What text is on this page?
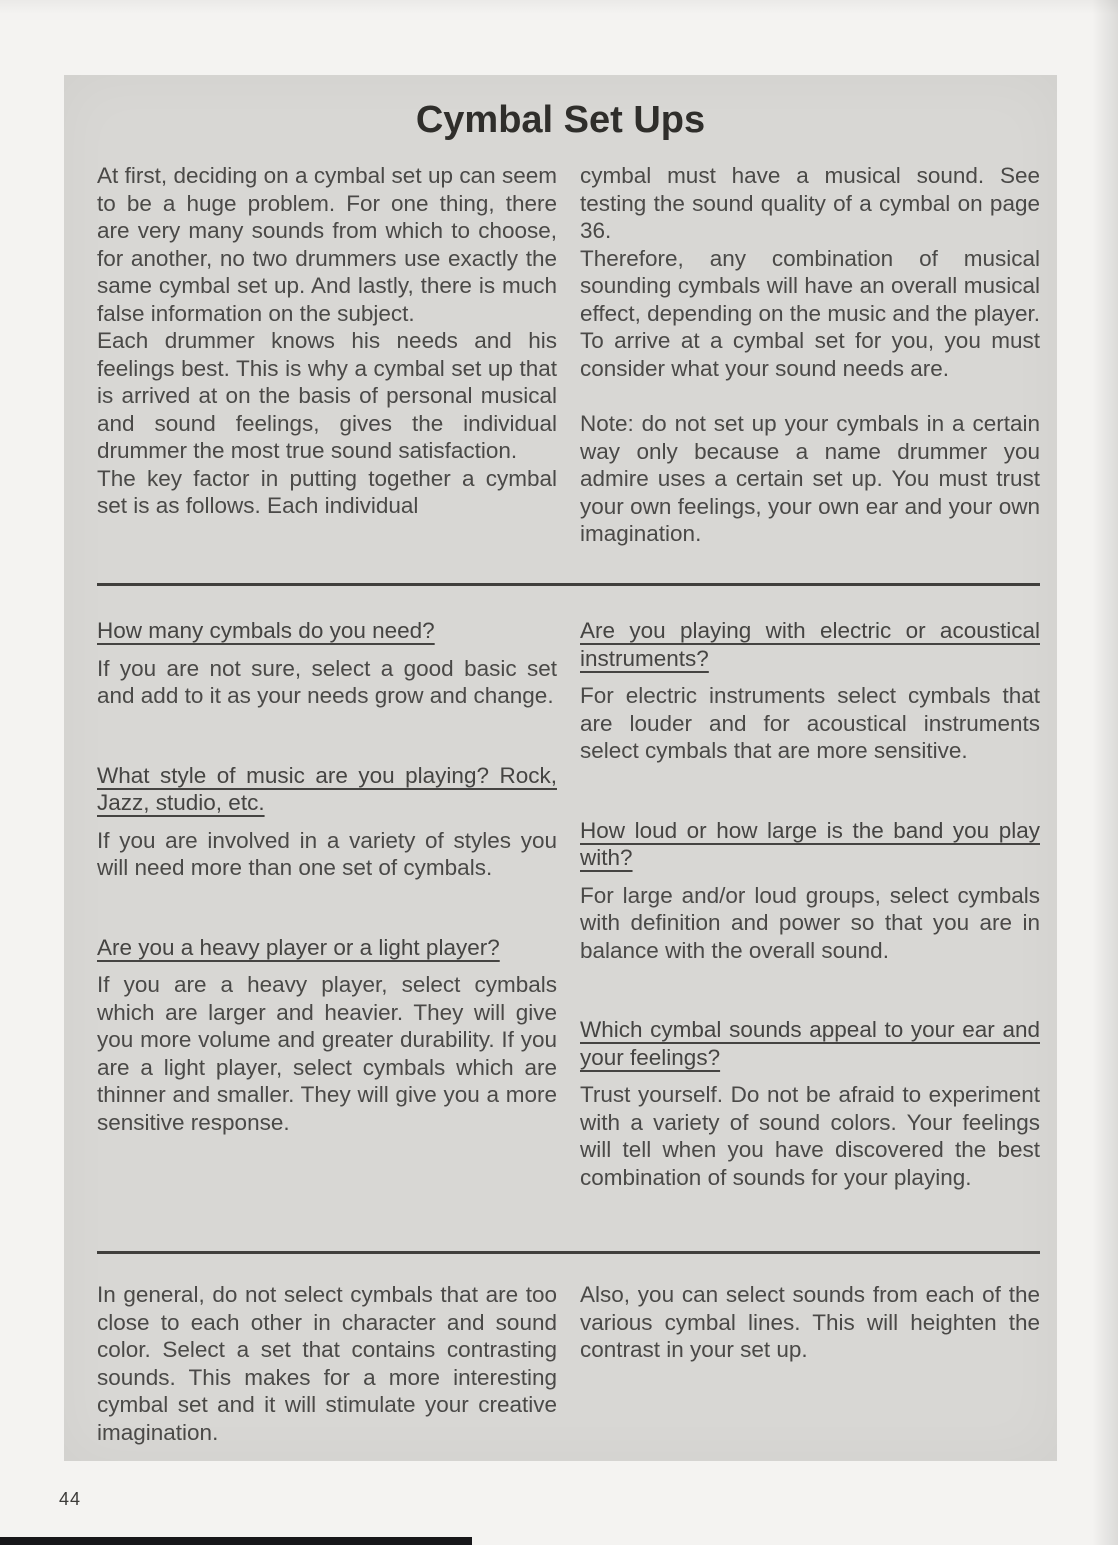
Cymbal Set Ups

At first, deciding on a cymbal set up can seem to be a huge problem. For one thing, there are very many sounds from which to choose, for another, no two drummers use exactly the same cymbal set up. And lastly, there is much false information on the subject.

Each drummer knows his needs and his feelings best. This is why a cymbal set up that is arrived at on the basis of personal musical and sound feelings, gives the individual drummer the most true sound satisfaction.

The key factor in putting together a cymbal set is as follows. Each individual

cymbal must have a musical sound. See testing the sound quality of a cymbal on page 36.

Therefore, any combination of musical sounding cymbals will have an overall musical effect, depending on the music and the player. To arrive at a cymbal set for you, you must consider what your sound needs are.

Note: do not set up your cymbals in a certain way only because a name drummer you admire uses a certain set up. You must trust your own feelings, your own ear and your own imagination.

How many cymbals do you need?

If you are not sure, select a good basic set and add to it as your needs grow and change.

What style of music are you playing? Rock, Jazz, studio, etc.

If you are involved in a variety of styles you will need more than one set of cymbals.

Are you a heavy player or a light player?

If you are a heavy player, select cymbals which are larger and heavier. They will give you more volume and greater durability. If you are a light player, select cymbals which are thinner and smaller. They will give you a more sensitive response.

Are you playing with electric or acoustical instruments?

For electric instruments select cymbals that are louder and for acoustical instruments select cymbals that are more sensitive.

How loud or how large is the band you play with?

For large and/or loud groups, select cymbals with definition and power so that you are in balance with the overall sound.

Which cymbal sounds appeal to your ear and your feelings?

Trust yourself. Do not be afraid to experiment with a variety of sound colors. Your feelings will tell when you have discovered the best combination of sounds for your playing.

In general, do not select cymbals that are too close to each other in character and sound color. Select a set that contains contrasting sounds. This makes for a more interesting cymbal set and it will stimulate your creative imagination.

Also, you can select sounds from each of the various cymbal lines. This will heighten the contrast in your set up.

44
